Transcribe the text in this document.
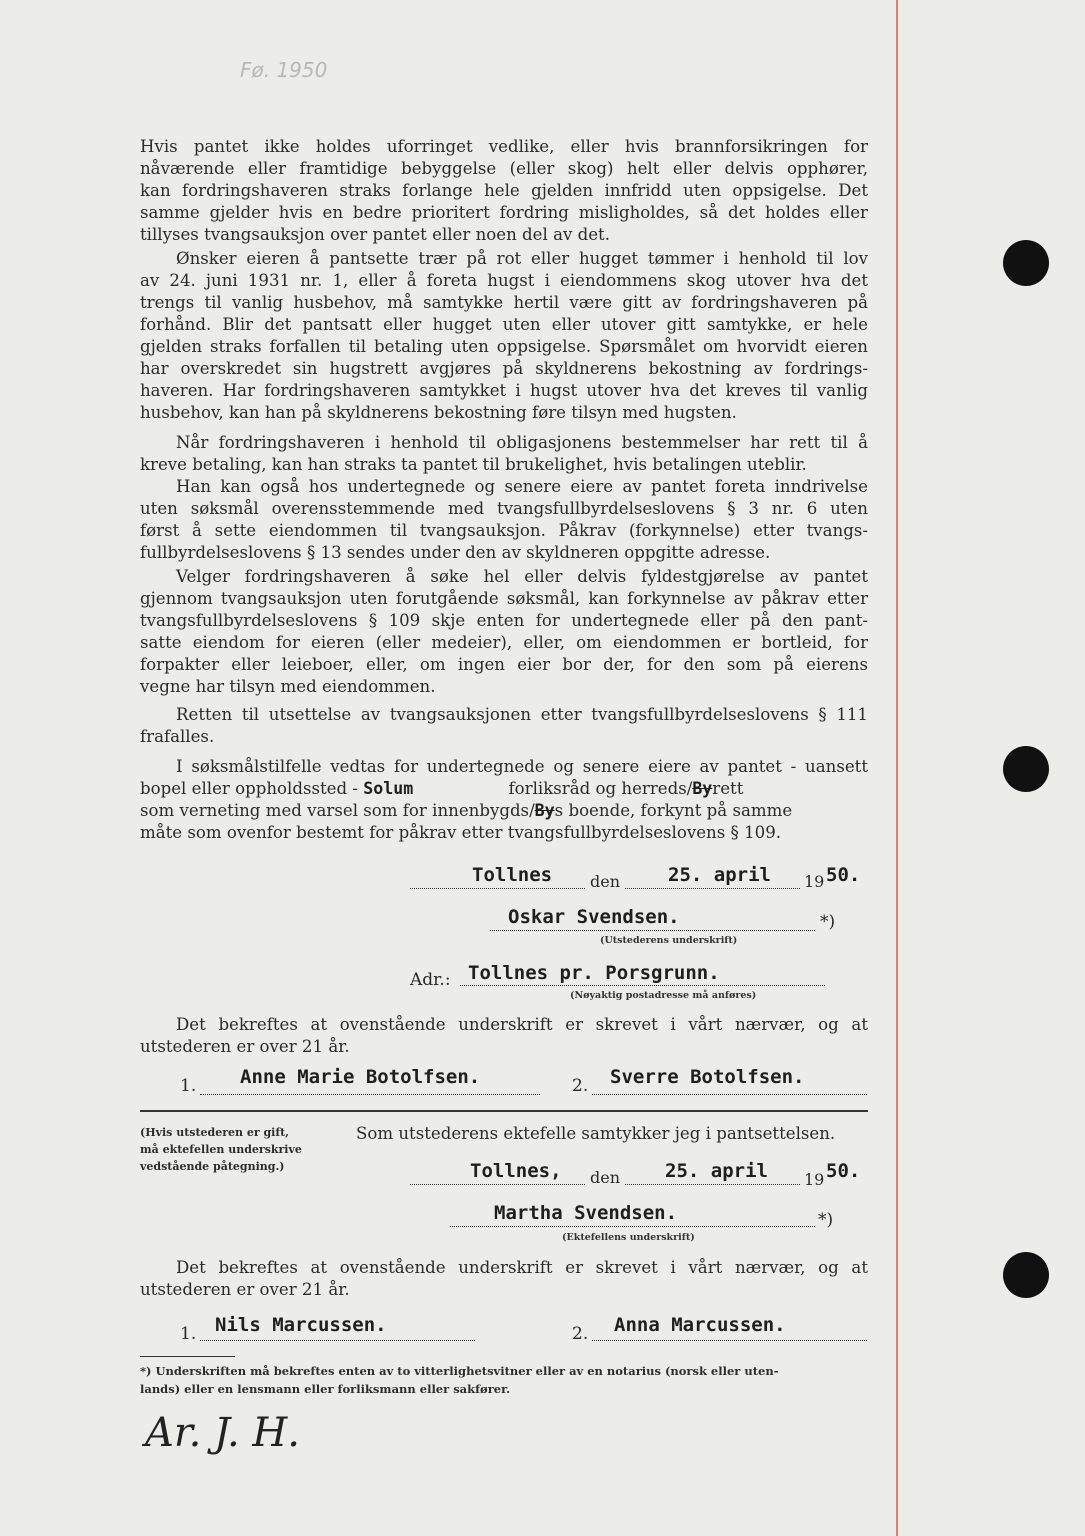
Fø. 1950
Hvis pantet ikke holdes uforringet vedlike, eller hvis brannforsikringen for
nåværende eller framtidige bebyggelse (eller skog) helt eller delvis opphører,
kan fordringshaveren straks forlange hele gjelden innfridd uten oppsigelse. Det
samme gjelder hvis en bedre prioritert fordring misligholdes, så det holdes eller
tillyses tvangsauksjon over pantet eller noen del av det.
Ønsker eieren å pantsette trær på rot eller hugget tømmer i henhold til lov
av 24. juni 1931 nr. 1, eller å foreta hugst i eiendommens skog utover hva det
trengs til vanlig husbehov, må samtykke hertil være gitt av fordringshaveren på
forhånd. Blir det pantsatt eller hugget uten eller utover gitt samtykke, er hele
gjelden straks forfallen til betaling uten oppsigelse. Spørsmålet om hvorvidt eieren
har overskredet sin hugstrett avgjøres på skyldnerens bekostning av fordrings-
haveren. Har fordringshaveren samtykket i hugst utover hva det kreves til vanlig
husbehov, kan han på skyldnerens bekostning føre tilsyn med hugsten.
Når fordringshaveren i henhold til obligasjonens bestemmelser har rett til å
kreve betaling, kan han straks ta pantet til brukelighet, hvis betalingen uteblir.
Han kan også hos undertegnede og senere eiere av pantet foreta inndrivelse
uten søksmål overensstemmende med tvangsfullbyrdelseslovens § 3 nr. 6 uten
først å sette eiendommen til tvangsauksjon. Påkrav (forkynnelse) etter tvangs-
fullbyrdelseslovens § 13 sendes under den av skyldneren oppgitte adresse.
Velger fordringshaveren å søke hel eller delvis fyldestgjørelse av pantet
gjennom tvangsauksjon uten forutgående søksmål, kan forkynnelse av påkrav etter
tvangsfullbyrdelseslovens § 109 skje enten for undertegnede eller på den pant-
satte eiendom for eieren (eller medeier), eller, om eiendommen er bortleid, for
forpakter eller leieboer, eller, om ingen eier bor der, for den som på eierens
vegne har tilsyn med eiendommen.
Retten til utsettelse av tvangsauksjonen etter tvangsfullbyrdelseslovens § 111
frafalles.
I søksmålstilfelle vedtas for undertegnede og senere eiere av pantet - uansett
bopel eller oppholdssted - Solum	forliksråd og herreds/Byrett
som verneting med varsel som for innenbygds/Bys boende, forkynt på samme
måte som ovenfor bestemt for påkrav etter tvangsfullbyrdelseslovens § 109.
Tollnes den	25. april 19 50.
Oskar Svendsen.	*)
(Utstederens underskrift)
Adr.: Tollnes pr. Porsgrunn.
(Nøyaktig postadresse må anføres)
Det bekreftes at ovenstående underskrift er skrevet i vårt nærvær, og at
utstederen er over 21 år.
1. Anne Marie Botolfsen.	2. Sverre Botolfsen.
(Hvis utstederen er gift,
må ektefellen underskrive
vedstående påtegning.)
Som utstederens ektefelle samtykker jeg i pantsettelsen.
Tollnes, den 25. april 19 50.
Martha Svendsen.	*)
(Ektefellens underskrift)
Det bekreftes at ovenstående underskrift er skrevet i vårt nærvær, og at
utstederen er over 21 år.
1. Nils Marcussen.	2. Anna Marcussen.
*) Underskriften må bekreftes enten av to vitterlighetsvitner eller av en notarius (norsk eller uten-
lands) eller en lensmann eller forliksmann eller sakfører.
Ar. J. H.
